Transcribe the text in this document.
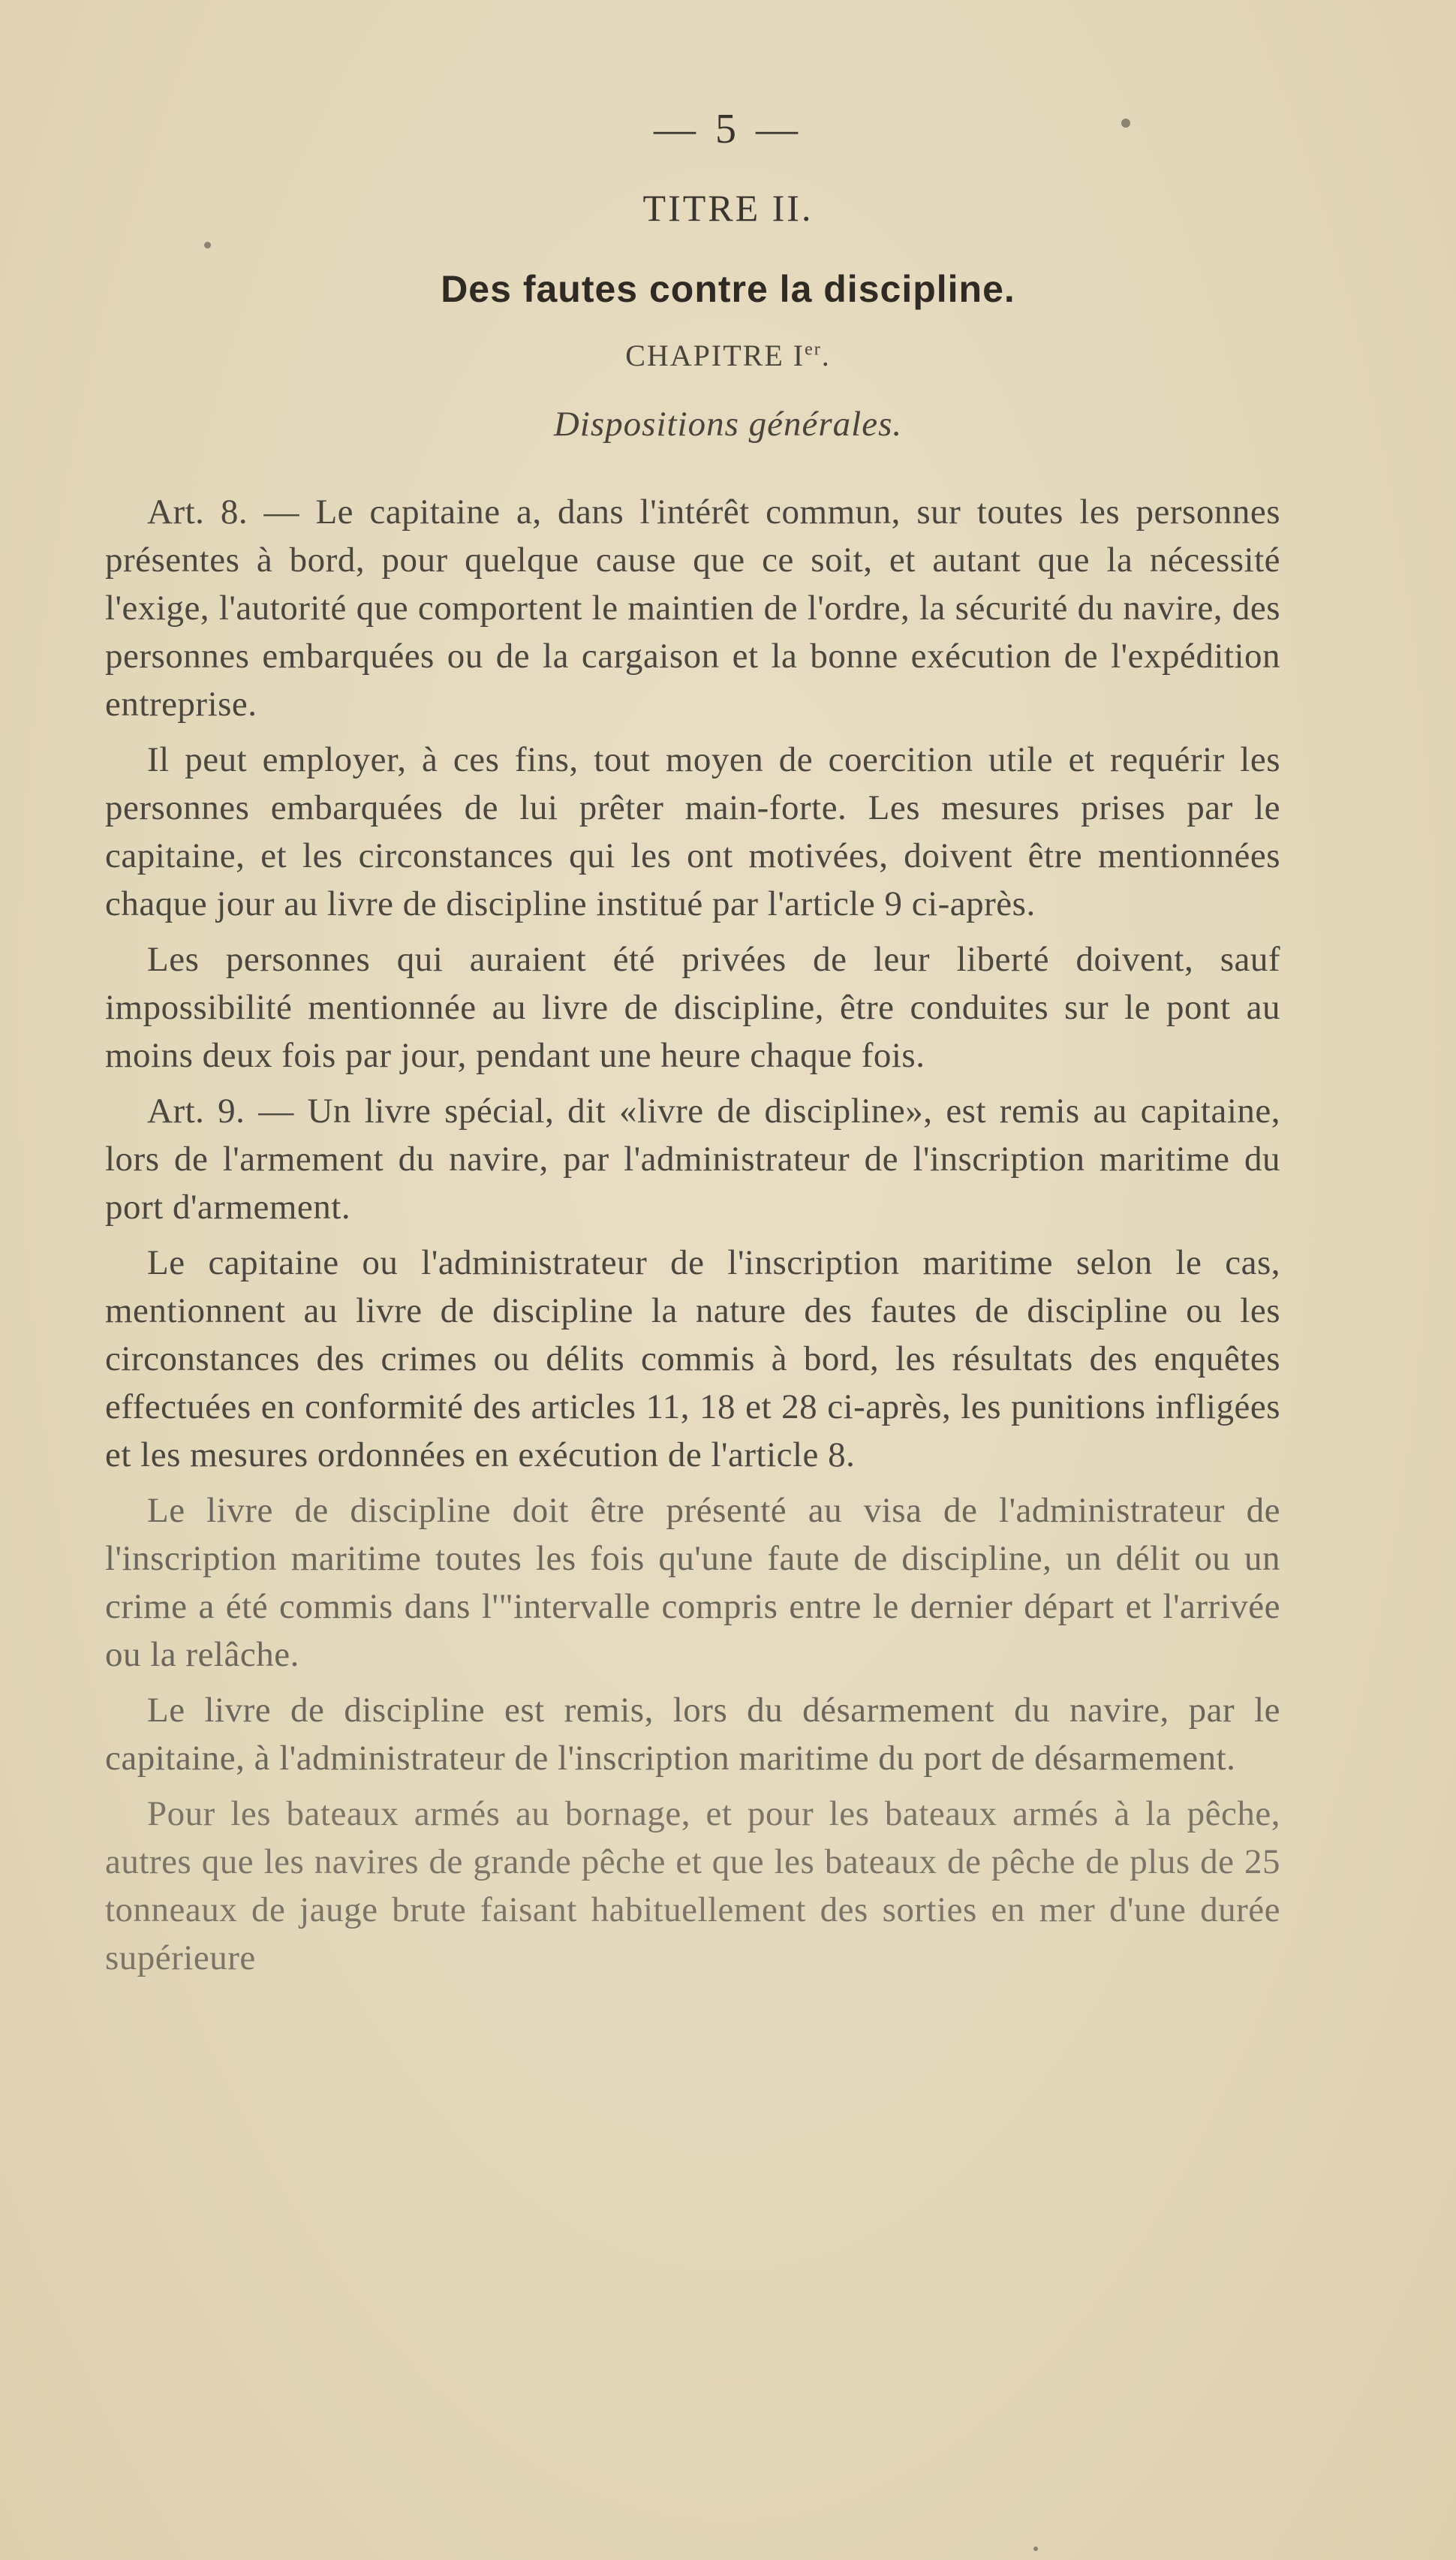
— 5 —
TITRE II.
Des fautes contre la discipline.
CHAPITRE Ier.
Dispositions générales.

Art. 8. — Le capitaine a, dans l'intérêt commun, sur toutes les personnes présentes à bord, pour quelque cause que ce soit, et autant que la nécessité l'exige, l'autorité que comportent le maintien de l'ordre, la sécurité du navire, des personnes embarquées ou de la cargaison et la bonne exécution de l'expédition entreprise.

Il peut employer, à ces fins, tout moyen de coercition utile et requérir les personnes embarquées de lui prêter main-forte. Les mesures prises par le capitaine, et les circonstances qui les ont motivées, doivent être mentionnées chaque jour au livre de discipline institué par l'article 9 ci-après.

Les personnes qui auraient été privées de leur liberté doivent, sauf impossibilité mentionnée au livre de discipline, être conduites sur le pont au moins deux fois par jour, pendant une heure chaque fois.

Art. 9. — Un livre spécial, dit «livre de discipline», est remis au capitaine, lors de l'armement du navire, par l'administrateur de l'inscription maritime du port d'armement.

Le capitaine ou l'administrateur de l'inscription maritime selon le cas, mentionnent au livre de discipline la nature des fautes de discipline ou les circonstances des crimes ou délits commis à bord, les résultats des enquêtes effectuées en conformité des articles 11, 18 et 28 ci-après, les punitions infligées et les mesures ordonnées en exécution de l'article 8.

Le livre de discipline doit être présenté au visa de l'administrateur de l'inscription maritime toutes les fois qu'une faute de discipline, un délit ou un crime a été commis dans l'"intervalle compris entre le dernier départ et l'arrivée ou la relâche.

Le livre de discipline est remis, lors du désarmement du navire, par le capitaine, à l'administrateur de l'inscription maritime du port de désarmement.

Pour les bateaux armés au bornage, et pour les bateaux armés à la pêche, autres que les navires de grande pêche et que les bateaux de pêche de plus de 25 tonneaux de jauge brute faisant habituellement des sorties en mer d'une durée supérieure
